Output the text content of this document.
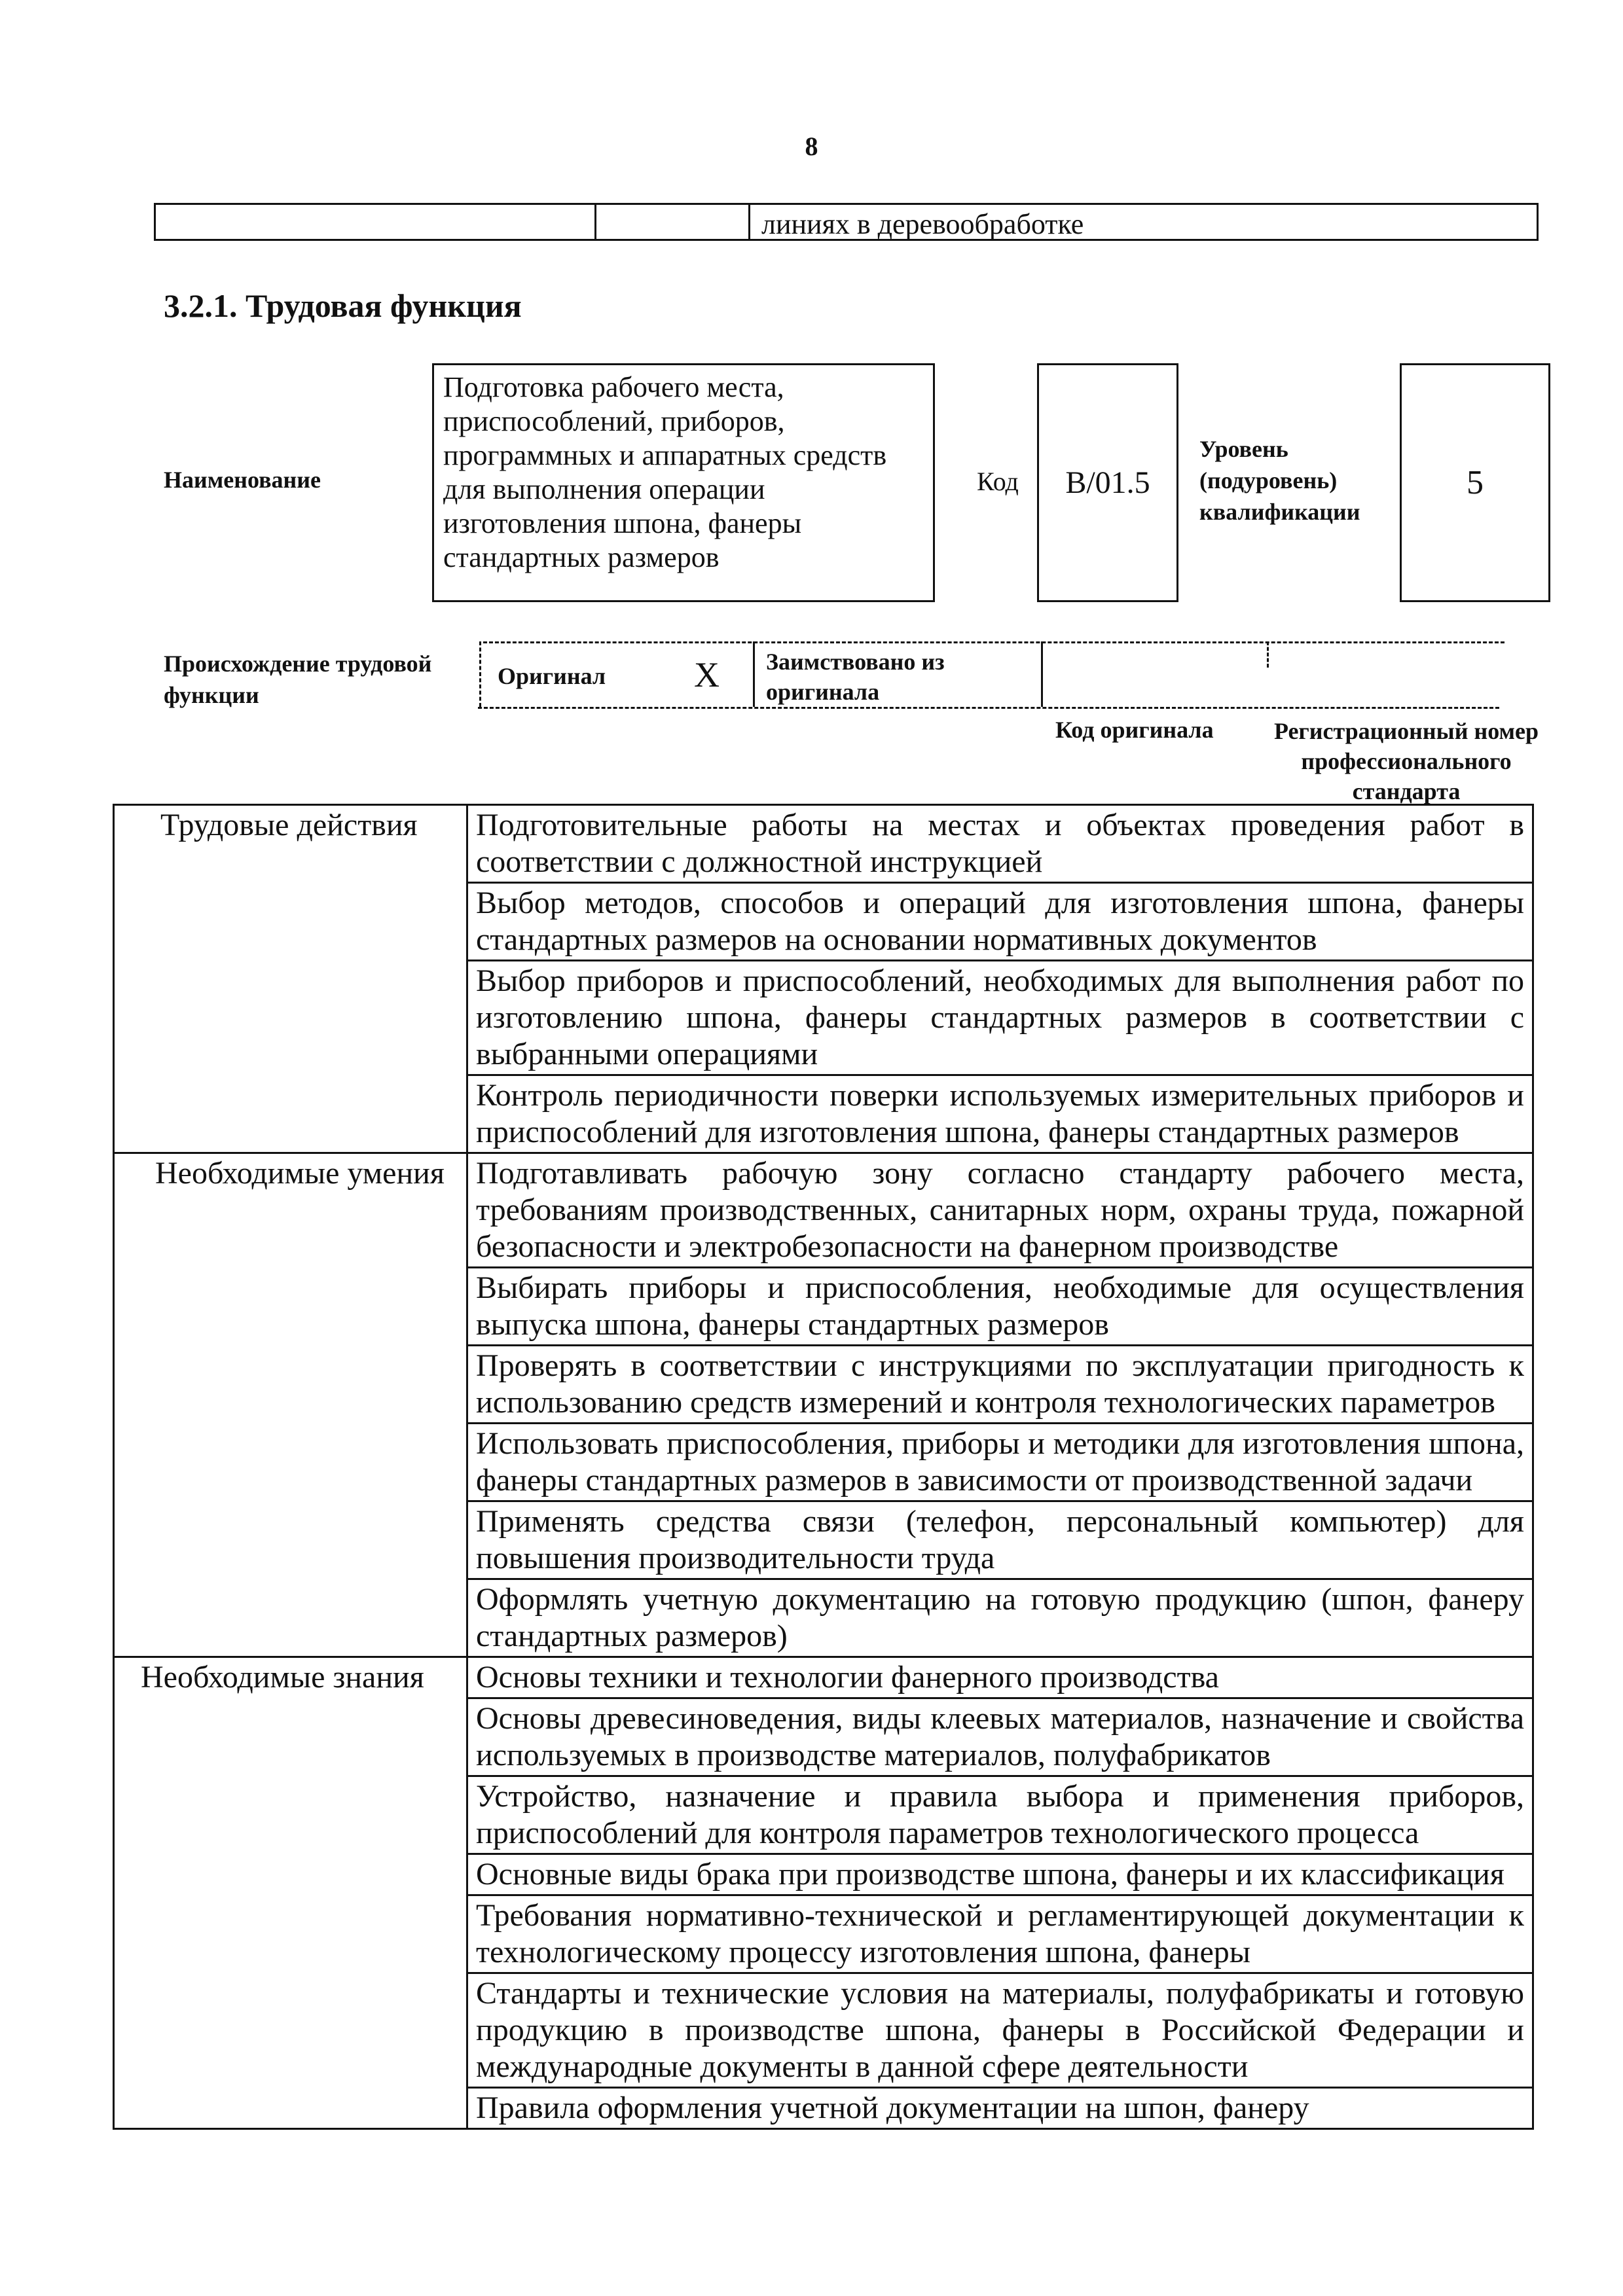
8
линиях в деревообработке
3.2.1. Трудовая функция
Наименование
Подготовка рабочего места, приспособлений, приборов, программных и аппаратных средств для выполнения операции изготовления шпона, фанеры стандартных размеров
Код В/01.5
Уровень (подуровень) квалификации
5
Происхождение трудовой функции
Оригинал X Заимствовано из оригинала
Код оригинала	Регистрационный номер профессионального стандарта
Трудовые действия	Подготовительные работы на местах и объектах проведения работ в соответствии с должностной инструкцией
	Выбор методов, способов и операций для изготовления шпона, фанеры стандартных размеров на основании нормативных документов
	Выбор приборов и приспособлений, необходимых для выполнения работ по изготовлению шпона, фанеры стандартных размеров в соответствии с выбранными операциями
	Контроль периодичности поверки используемых измерительных приборов и приспособлений для изготовления шпона, фанеры стандартных размеров
Необходимые умения	Подготавливать рабочую зону согласно стандарту рабочего места, требованиям производственных, санитарных норм, охраны труда, пожарной безопасности и электробезопасности на фанерном производстве
	Выбирать приборы и приспособления, необходимые для осуществления выпуска шпона, фанеры стандартных размеров
	Проверять в соответствии с инструкциями по эксплуатации пригодность к использованию средств измерений и контроля технологических параметров
	Использовать приспособления, приборы и методики для изготовления шпона, фанеры стандартных размеров в зависимости от производственной задачи
	Применять средства связи (телефон, персональный компьютер) для повышения производительности труда
	Оформлять учетную документацию на готовую продукцию (шпон, фанеру стандартных размеров)
Необходимые знания	Основы техники и технологии фанерного производства
	Основы древесиноведения, виды клеевых материалов, назначение и свойства используемых в производстве материалов, полуфабрикатов
	Устройство, назначение и правила выбора и применения приборов, приспособлений для контроля параметров технологического процесса
	Основные виды брака при производстве шпона, фанеры и их классификация
	Требования нормативно-технической и регламентирующей документации к технологическому процессу изготовления шпона, фанеры
	Стандарты и технические условия на материалы, полуфабрикаты и готовую продукцию в производстве шпона, фанеры в Российской Федерации и международные документы в данной сфере деятельности
	Правила оформления учетной документации на шпон, фанеру
